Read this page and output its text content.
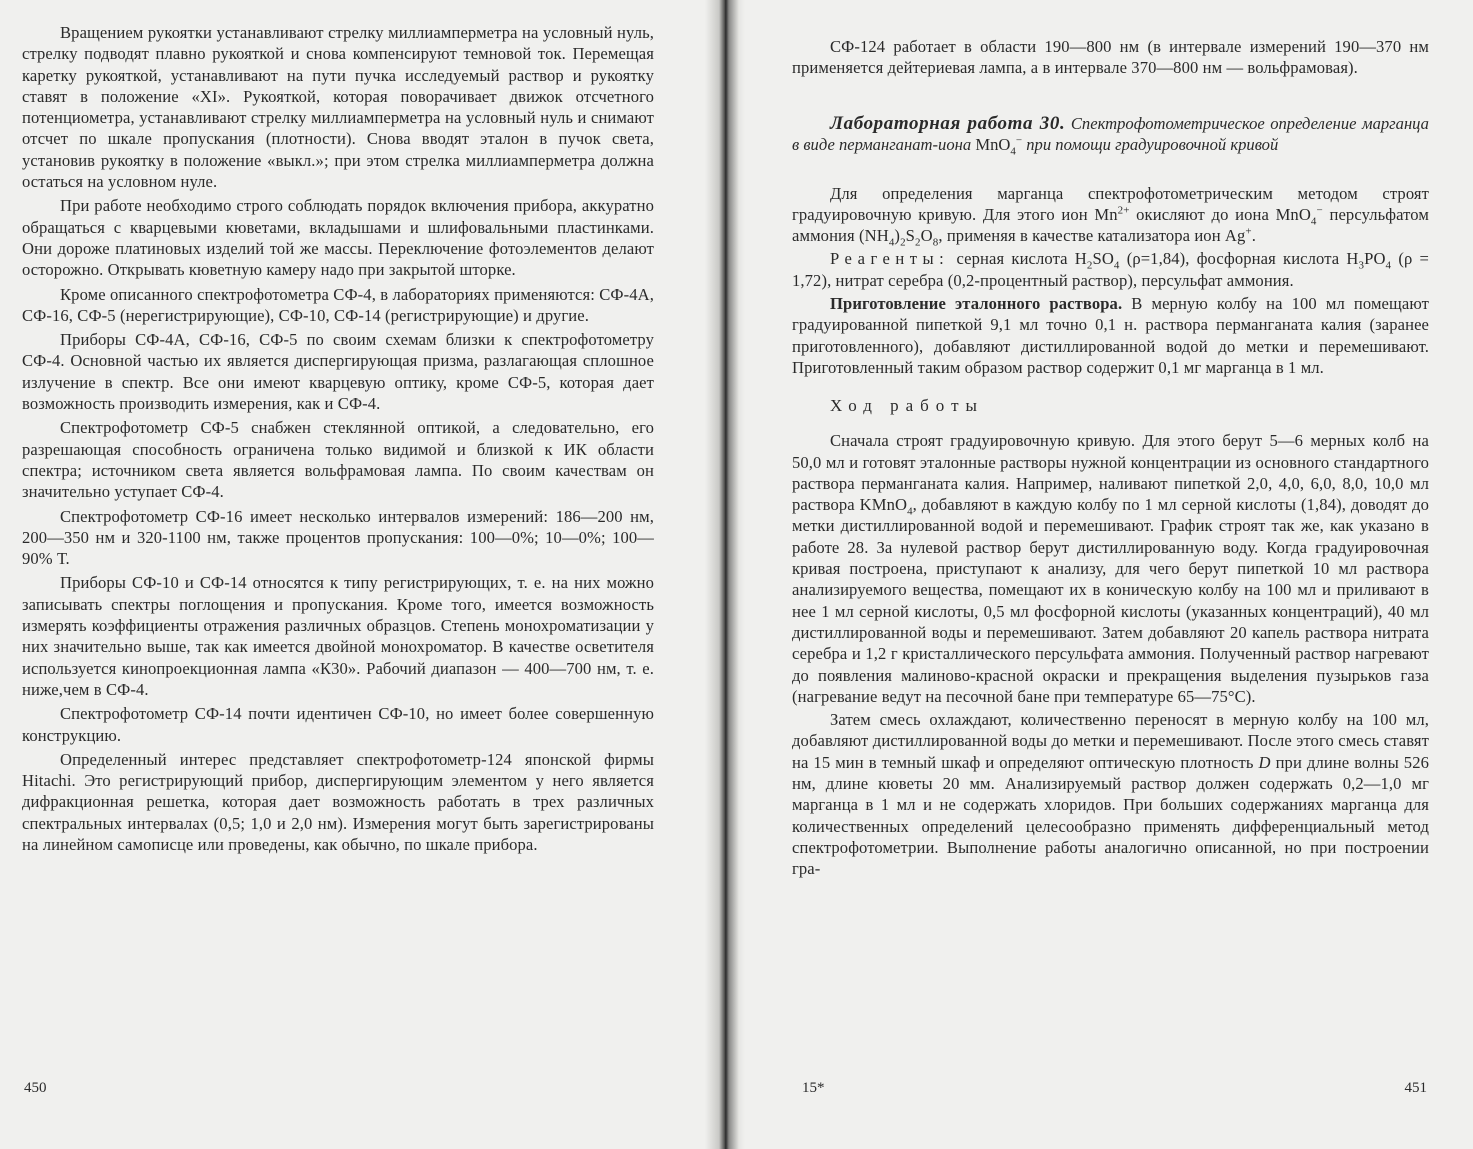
Вращением рукоятки устанавливают стрелку миллиамперметра на условный нуль, стрелку подводят плавно рукояткой и снова компенсируют темновой ток. Перемещая каретку рукояткой, устанавливают на пути пучка исследуемый раствор и рукоятку ставят в положение «XI». Рукояткой, которая поворачивает движок отсчетного потенциометра, устанавливают стрелку миллиамперметра на условный нуль и снимают отсчет по шкале пропускания (плотности). Снова вводят эталон в пучок света, установив рукоятку в положение «выкл.»; при этом стрелка миллиамперметра должна остаться на условном нуле.

При работе необходимо строго соблюдать порядок включения прибора, аккуратно обращаться с кварцевыми кюветами, вкладышами и шлифовальными пластинками. Они дороже платиновых изделий той же массы. Переключение фотоэлементов делают осторожно. Открывать кюветную камеру надо при закрытой шторке.

Кроме описанного спектрофотометра СФ-4, в лабораториях применяются: СФ-4А, СФ-16, СФ-5 (нерегистрирующие), СФ-10, СФ-14 (регистрирующие) и другие.

Приборы СФ-4А, СФ-16, СФ-5 по своим схемам близки к спектрофотометру СФ-4. Основной частью их является диспергирующая призма, разлагающая сплошное излучение в спектр. Все они имеют кварцевую оптику, кроме СФ-5, которая дает возможность производить измерения, как и СФ-4.

Спектрофотометр СФ-5 снабжен стеклянной оптикой, а следовательно, его разрешающая способность ограничена только видимой и близкой к ИК области спектра; источником света является вольфрамовая лампа. По своим качествам он значительно уступает СФ-4.

Спектрофотометр СФ-16 имеет несколько интервалов измерений: 186—200 нм, 200—350 нм и 320-1100 нм, также процентов пропускания: 100—0%; 10—0%; 100—90% Т.

Приборы СФ-10 и СФ-14 относятся к типу регистрирующих, т. е. на них можно записывать спектры поглощения и пропускания. Кроме того, имеется возможность измерять коэффициенты отражения различных образцов. Степень монохроматизации у них значительно выше, так как имеется двойной монохроматор. В качестве осветителя используется кинопроекционная лампа «К30». Рабочий диапазон — 400—700 нм, т. е. ниже,чем в СФ-4.

Спектрофотометр СФ-14 почти идентичен СФ-10, но имеет более совершенную конструкцию.

Определенный интерес представляет спектрофотометр-124 японской фирмы Hitachi. Это регистрирующий прибор, диспергирующим элементом у него является дифракционная решетка, которая дает возможность работать в трех различных спектральных интервалах (0,5; 1,0 и 2,0 нм). Измерения могут быть зарегистрированы на линейном самописце или проведены, как обычно, по шкале прибора.

450

СФ-124 работает в области 190—800 нм (в интервале измерений 190—370 нм применяется дейтериевая лампа, а в интервале 370—800 нм — вольфрамовая).

Лабораторная работа 30. Спектрофотометрическое определение марганца в виде перманганат-иона MnO$_4$− при помощи градуировочной кривой

Для определения марганца спектрофотометрическим методом строят градуировочную кривую. Для этого ион $Mn^{2+}$ окисляют до иона MnO$_4$− персульфатом аммония $(NH_4)_2S_2O_8$, применяя в качестве катализатора ион Ag+.

Реагенты: серная кислота $H_2SO_4$ (ρ=1,84), фосфорная кислота $H_3PO_4$ (ρ = 1,72), нитрат серебра (0,2-процентный раствор), персульфат аммония.

Приготовление эталонного раствора. В мерную колбу на 100 мл помещают градуированной пипеткой 9,1 мл точно 0,1 н. раствора перманганата калия (заранее приготовленного), добавляют дистиллированной водой до метки и перемешивают. Приготовленный таким образом раствор содержит 0,1 мг марганца в 1 мл.

Ход работы

Сначала строят градуировочную кривую. Для этого берут 5—6 мерных колб на 50,0 мл и готовят эталонные растворы нужной концентрации из основного стандартного раствора перманганата калия. Например, наливают пипеткой 2,0, 4,0, 6,0, 8,0, 10,0 мл раствора KMnO$_4$, добавляют в каждую колбу по 1 мл серной кислоты (1,84), доводят до метки дистиллированной водой и перемешивают. График строят так же, как указано в работе 28. За нулевой раствор берут дистиллированную воду. Когда градуировочная кривая построена, приступают к анализу, для чего берут пипеткой 10 мл раствора анализируемого вещества, помещают их в коническую колбу на 100 мл и приливают в нее 1 мл серной кислоты, 0,5 мл фосфорной кислоты (указанных концентраций), 40 мл дистиллированной воды и перемешивают. Затем добавляют 20 капель раствора нитрата серебра и 1,2 г кристаллического персульфата аммония. Полученный раствор нагревают до появления малиново-красной окраски и прекращения выделения пузырьков газа (нагревание ведут на песочной бане при температуре 65—75°С).

Затем смесь охлаждают, количественно переносят в мерную колбу на 100 мл, добавляют дистиллированной воды до метки и перемешивают. После этого смесь ставят на 15 мин в темный шкаф и определяют оптическую плотность D при длине волны 526 нм, длине кюветы 20 мм. Анализируемый раствор должен содержать 0,2—1,0 мг марганца в 1 мл и не содержать хлоридов. При больших содержаниях марганца для количественных определений целесообразно применять дифференциальный метод спектрофотометрии. Выполнение работы аналогично описанной, но при построении гра-

15*	451
